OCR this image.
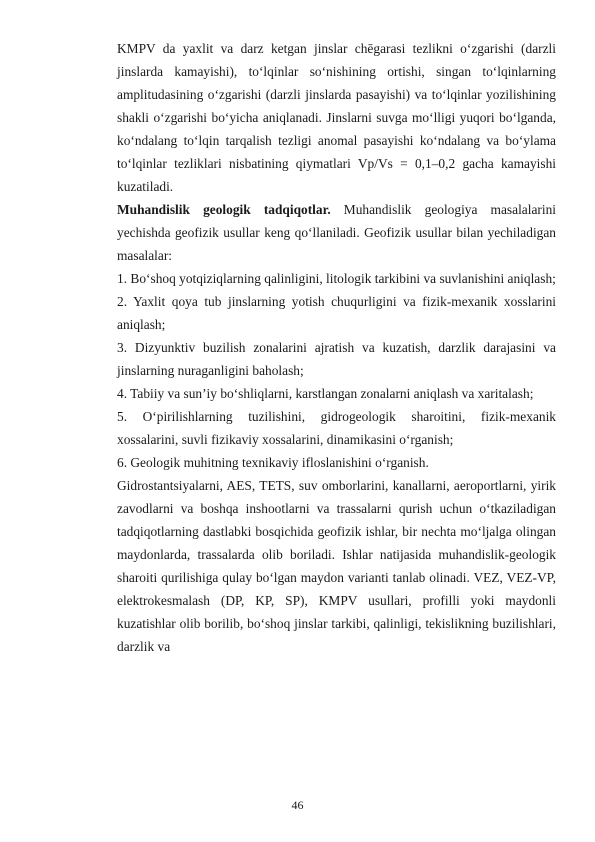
KMPV da yaxlit va darz ketgan jinslar chēgarasi tezlikni o‘zgarishi (darzli jinslarda kamayishi), to‘lqinlar so‘nishining ortishi, singan to‘lqinlarning amplitudasining o‘zgarishi (darzli jinslarda pasayishi) va to‘lqinlar yozilishining shakli o‘zgarishi bo‘yicha aniqlanadi. Jinslarni suvga mo‘lligi yuqori bo‘lganda, ko‘ndalang to‘lqin tarqalish tezligi anomal pasayishi ko‘ndalang va bo‘ylama to‘lqinlar tezliklari nisbatining qiymatlari Vp/Vs = 0,1–0,2 gacha kamayishi kuzatiladi.

Muhandislik geologik tadqiqotlar. Muhandislik geologiya masalalarini yechishda geofizik usullar keng qo‘llaniladi. Geofizik usullar bilan yechiladigan masalalar:

1. Bo‘shoq yotqiziqlarning qalinligini, litologik tarkibini va suvlanishini aniqlash;

2. Yaxlit qoya tub jinslarning yotish chuqurligini va fizik-mexanik xosslarini aniqlash;

3. Dizyunktiv buzilish zonalarini ajratish va kuzatish, darzlik darajasini va jinslarning nuraganligini baholash;

4. Tabiiy va sun’iy bo‘shliqlarni, karstlangan zonalarni aniqlash va xaritalash;

5. O‘pirilishlarning tuzilishini, gidrogeologik sharoitini, fizik-mexanik xossalarini, suvli fizikaviy xossalarini, dinamikasini o‘rganish;

6. Geologik muhitning texnikaviy ifloslanishini o‘rganish.

Gidrostantsiyalarni, AES, TETS, suv omborlarini, kanallarni, aeroportlarni, yirik zavodlarni va boshqa inshootlarni va trassalarni qurish uchun o‘tkaziladigan tadqiqotlarning dastlabki bosqichida geofizik ishlar, bir nechta mo‘ljalga olingan maydonlarda, trassalarda olib boriladi. Ishlar natijasida muhandislik-geologik sharoiti qurilishiga qulay bo‘lgan maydon varianti tanlab olinadi. VEZ, VEZ-VP, elektrokesmalash (DP, KP, SP), KMPV usullari, profilli yoki maydonli kuzatishlar olib borilib, bo‘shoq jinslar tarkibi, qalinligi, tekislikning buzilishlari, darzlik va

46
